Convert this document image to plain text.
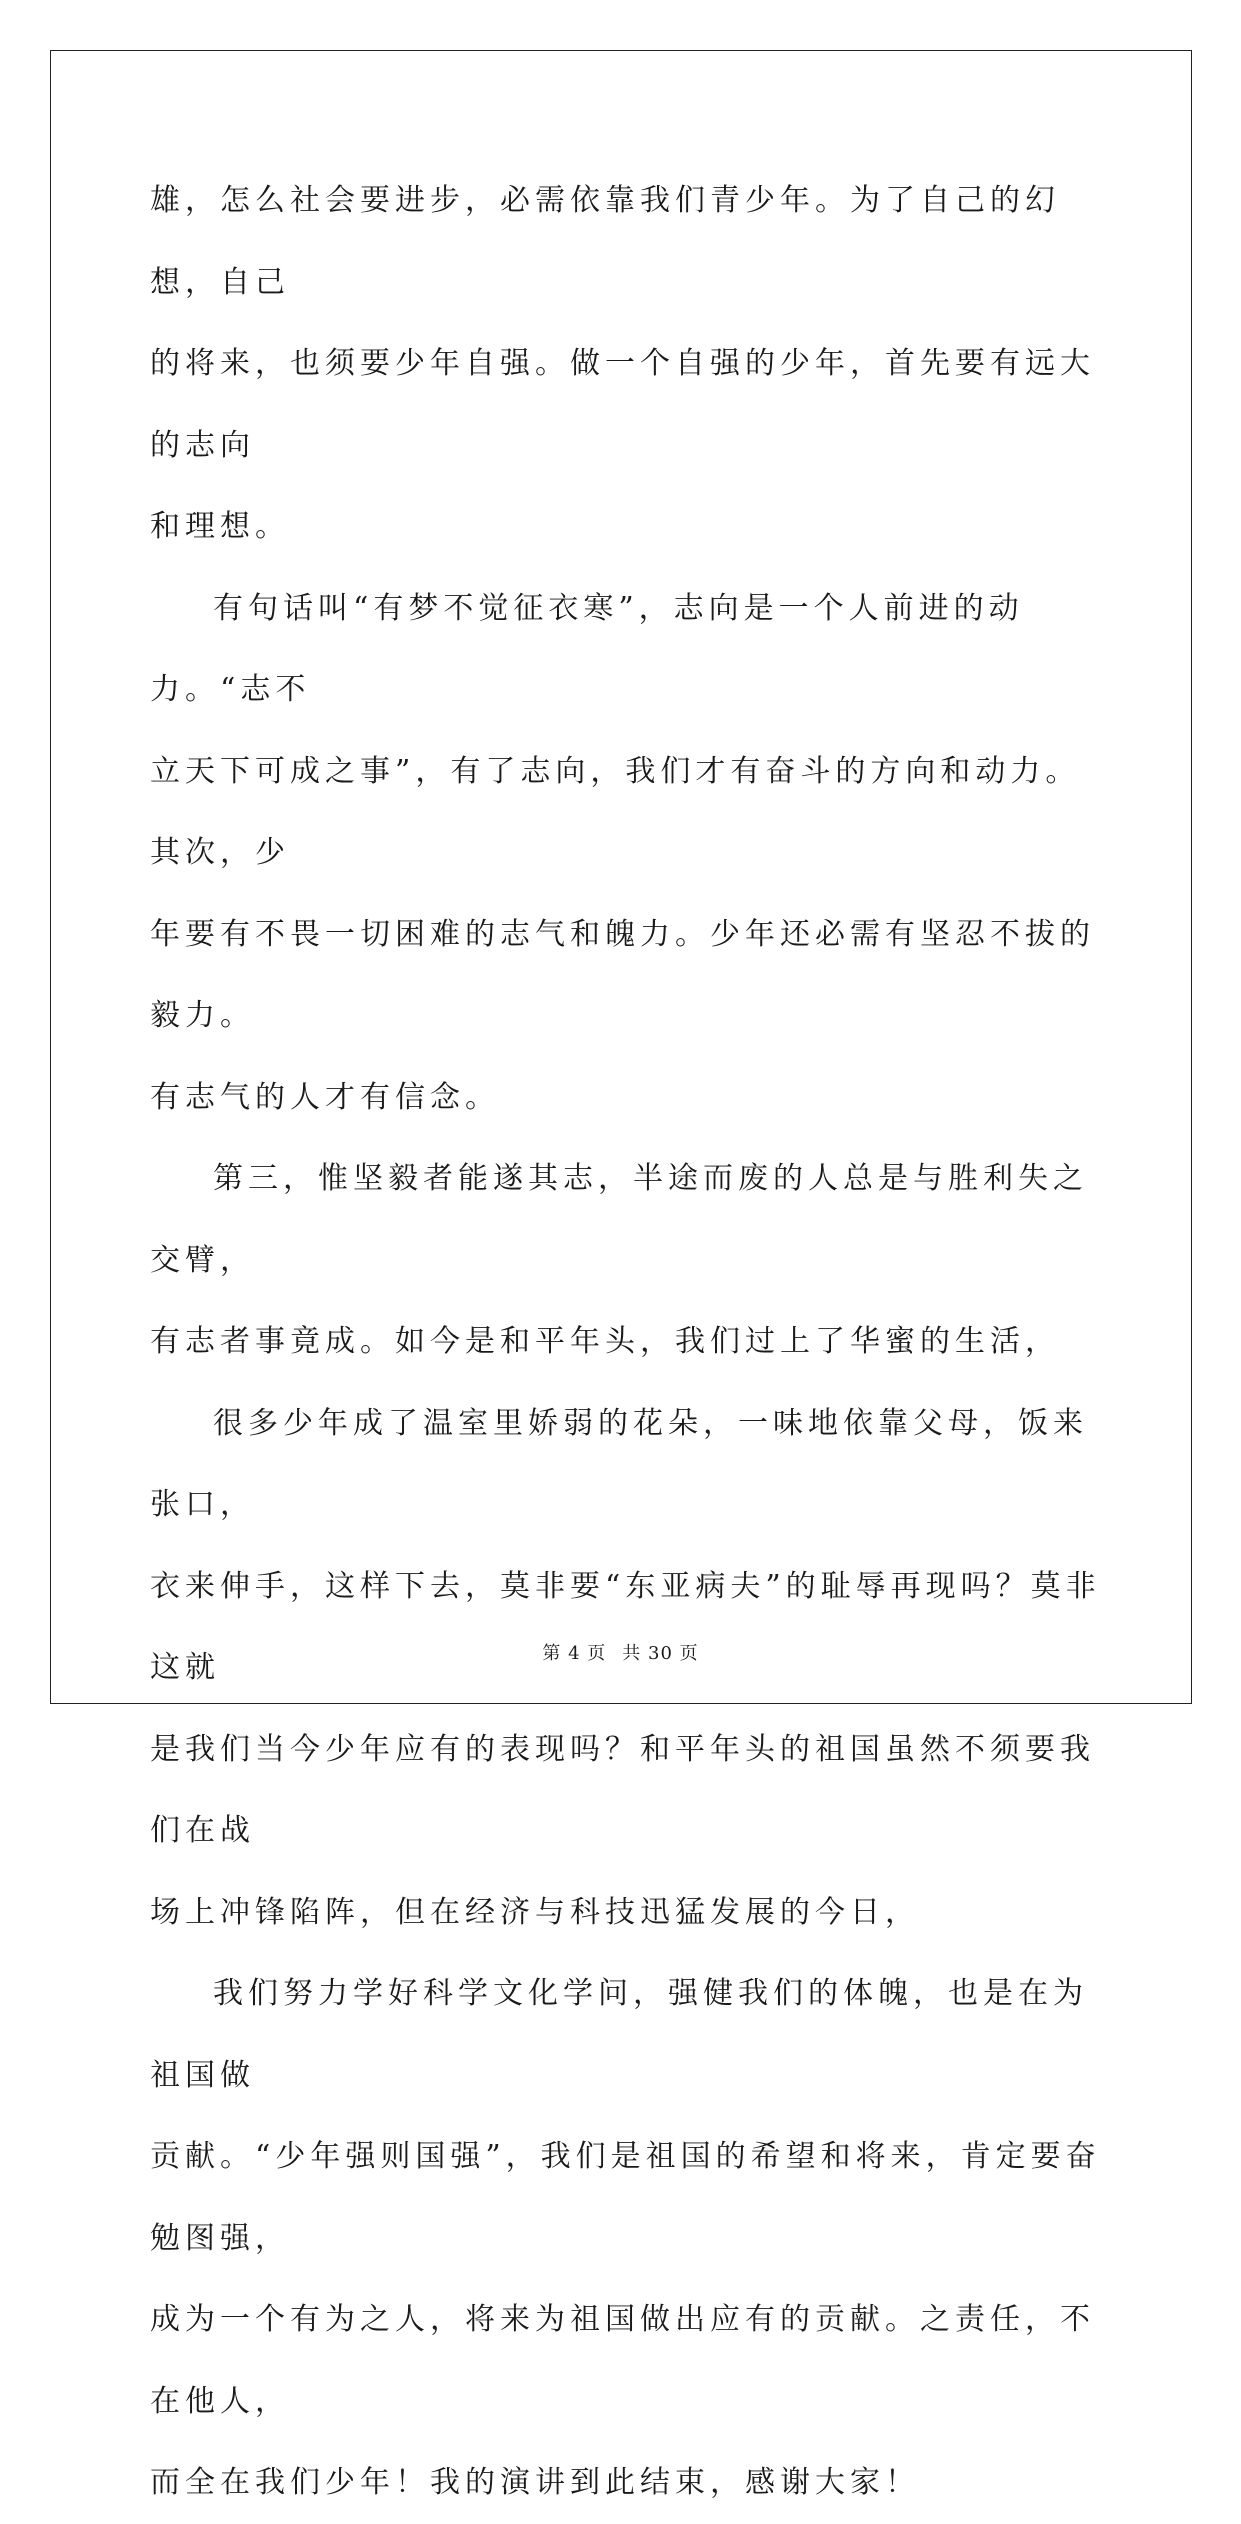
雄，怎么社会要进步，必需依靠我们青少年。为了自己的幻想，自己

的将来，也须要少年自强。做一个自强的少年，首先要有远大的志向

和理想。

有句话叫“有梦不觉征衣寒”，志向是一个人前进的动力。“志不

立天下可成之事”，有了志向，我们才有奋斗的方向和动力。其次，少

年要有不畏一切困难的志气和魄力。少年还必需有坚忍不拔的毅力。

有志气的人才有信念。

第三，惟坚毅者能遂其志，半途而废的人总是与胜利失之交臂，

有志者事竟成。如今是和平年头，我们过上了华蜜的生活，

很多少年成了温室里娇弱的花朵，一味地依靠父母，饭来张口，

衣来伸手，这样下去，莫非要“东亚病夫”的耻辱再现吗？莫非这就

是我们当今少年应有的表现吗？和平年头的祖国虽然不须要我们在战

场上冲锋陷阵，但在经济与科技迅猛发展的今日，

我们努力学好科学文化学问，强健我们的体魄，也是在为祖国做

贡献。“少年强则国强”，我们是祖国的希望和将来，肯定要奋勉图强，

成为一个有为之人，将来为祖国做出应有的贡献。之责任，不在他人，

而全在我们少年！我的演讲到此结束，感谢大家！

第 4 页 共 30 页
